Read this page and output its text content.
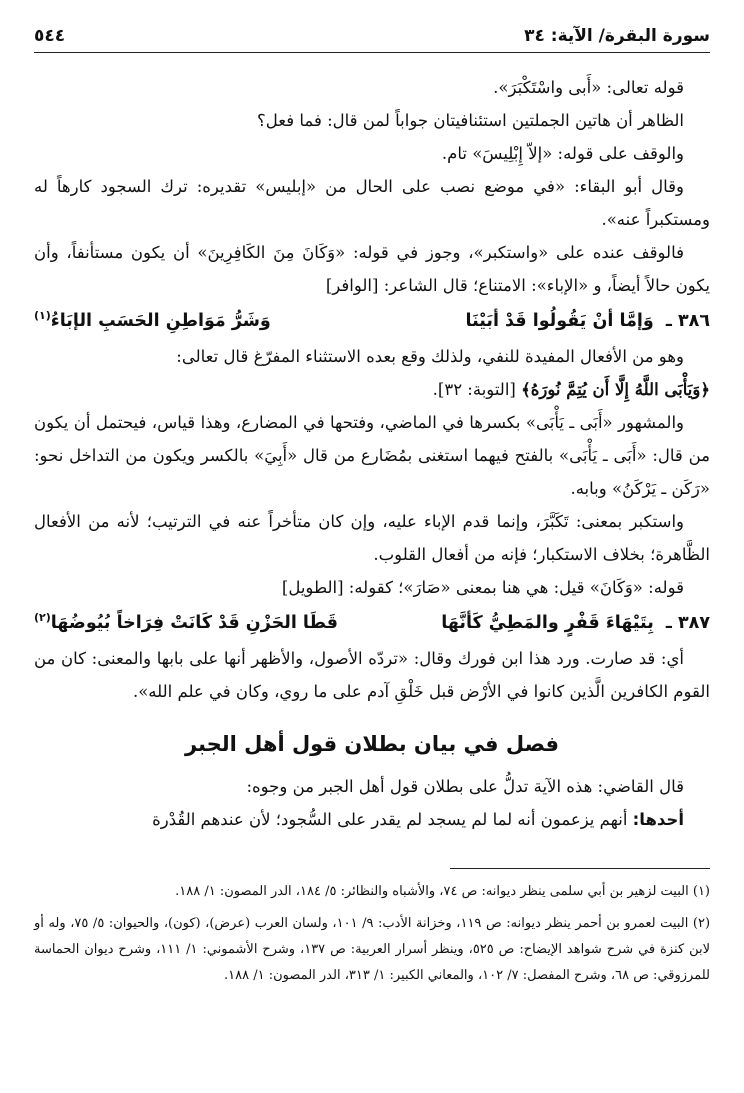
سورة البقرة/ الآية: ٣٤
٥٤٤

قوله تعالى: «أَبى واسْتَكْبَرَ».

الظاهر أن هاتين الجملتين استئنافيتان جواباً لمن قال: فما فعل؟

والوقف على قوله: «إلاّ إِبْلِيسَ» تام.

وقال أبو البقاء: «في موضع نصب على الحال من «إبليس» تقديره: ترك السجود كارهاً له ومستكبراً عنه».

فالوقف عنده على «واستكبر»، وجوز في قوله: «وَكَانَ مِنَ الكَافِرِينَ» أن يكون مستأنفاً، وأن يكون حالاً أيضاً، و «الإباء»: الامتناع؛ قال الشاعر: [الوافر]

٣٨٦ ـ وَإمَّا أنْ يَقُولُوا قَدْ أبَيْنَا
وَشَرُّ مَوَاطِنِ الحَسَبِ الإبَاءُ$^{(١)}$

وهو من الأفعال المفيدة للنفي، ولذلك وقع بعده الاستثناء المفرّغ قال تعالى:

﴿وَيَأْبَى اللَّهُ إِلَّا أَن يُتِمَّ نُورَهُ﴾ [التوبة: ٣٢].

والمشهور «أَبَى ـ يَأْبَى» بكسرها في الماضي، وفتحها في المضارع، وهذا قياس، فيحتمل أن يكون من قال: «أَبَى ـ يَأْبَى» بالفتح فيهما استغنى بمُضَارع من قال «أَبِيَ» بالكسر ويكون من التداخل نحو: «رَكَن ـ يَرْكَنُ» وبابه.

واستكبر بمعنى: تَكَبَّرَ، وإنما قدم الإباء عليه، وإن كان متأخراً عنه في الترتيب؛ لأنه من الأفعال الظَّاهرة؛ بخلاف الاستكبار؛ فإنه من أفعال القلوب.

قوله: «وَكَانَ» قيل: هي هنا بمعنى «صَارَ»؛ كقوله: [الطويل]

٣٨٧ ـ بِتَيْهَاءَ قَفْرٍ والمَطِيُّ كَأنَّهَا
قَطَا الحَزْنِ قَدْ كَانَتْ فِرَاخاً بُيُوضُهَا$^{(٢)}$

أي: قد صارت. ورد هذا ابن فورك وقال: «تردّه الأصول، والأظهر أنها على بابها والمعنى: كان من القوم الكافرين الَّذين كانوا في الأرْض قبل خَلْقِ آدم على ما روي، وكان في علم الله».

فصل في بيان بطلان قول أهل الجبر

قال القاضي: هذه الآية تدلُّ على بطلان قول أهل الجبر من وجوه:

أحدها: أنهم يزعمون أنه لما لم يسجد لم يقدر على السُّجود؛ لأن عندهم القُدْرة

(١) البيت لزهير بن أبي سلمى ينظر ديوانه: ص ٧٤، والأشباه والنظائر: ٥/ ١٨٤، الدر المصون: ١/ ١٨٨.

(٢) البيت لعمرو بن أحمر ينظر ديوانه: ص ١١٩، وخزانة الأدب: ٩/ ١٠١، ولسان العرب (عرض)، (كون)، والحيوان: ٥/ ٧٥، وله أو لابن كنزة في شرح شواهد الإيضاح: ص ٥٢٥، وينظر أسرار العربية: ص ١٣٧، وشرح الأشموني: ١/ ١١١، وشرح ديوان الحماسة للمرزوقي: ص ٦٨، وشرح المفصل: ٧/ ١٠٢، والمعاني الكبير: ١/ ٣١٣، الدر المصون: ١/ ١٨٨.
